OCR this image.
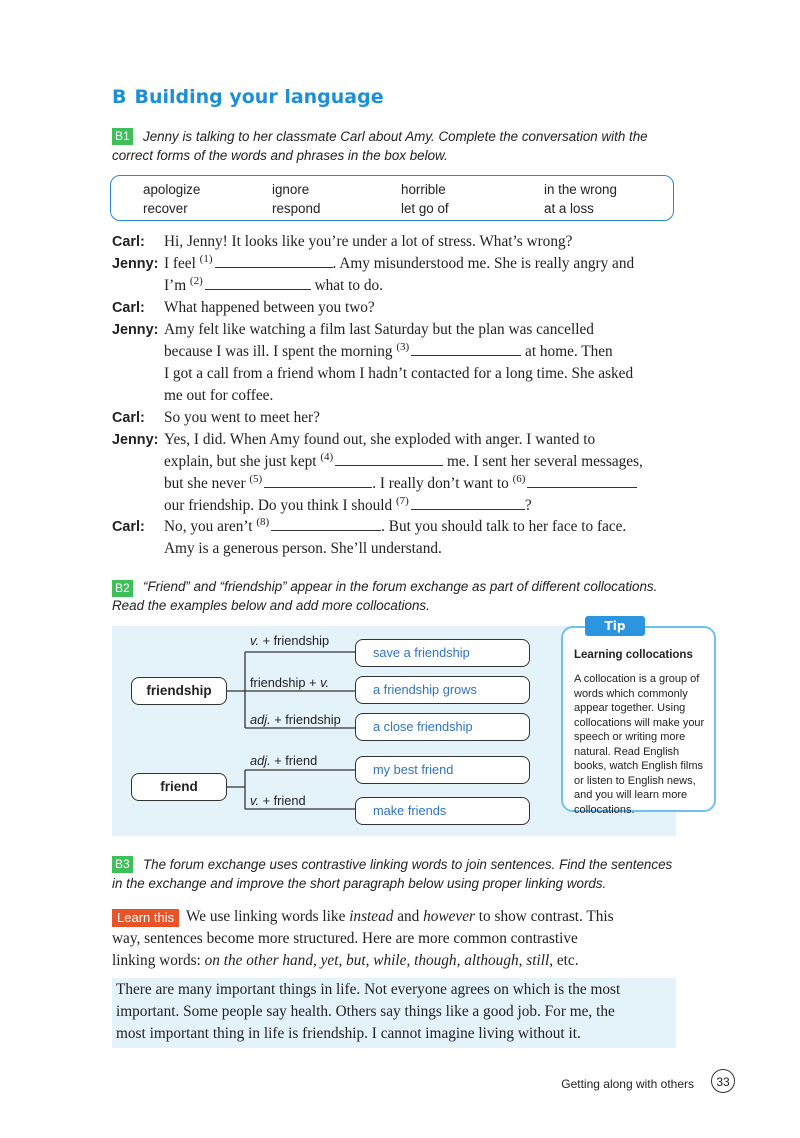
B Building your language
B1 Jenny is talking to her classmate Carl about Amy. Complete the conversation with the
correct forms of the words and phrases in the box below.
apologize	ignore	horrible	in the wrong
recover	respond	let go of	at a loss
Carl: Hi, Jenny! It looks like you’re under a lot of stress. What’s wrong?
Jenny: I feel $^{(1)}$	. Amy misunderstood me. She is really angry and
I’m $^{(2)}$	what to do.
Carl: What happened between you two?
Jenny: Amy felt like watching a film last Saturday but the plan was cancelled
because I was ill. I spent the morning $^{(3)}$	at home. Then
I got a call from a friend whom I hadn’t contacted for a long time. She asked
me out for coffee.
Carl: So you went to meet her?
Jenny: Yes, I did. When Amy found out, she exploded with anger. I wanted to
explain, but she just kept $^{(4)}$	me. I sent her several messages,
but she never $^{(5)}$	. I really don’t want to $^{(6)}$
our friendship. Do you think I should $^{(7)}$	?
Carl: No, you aren’t $^{(8)}$	. But you should talk to her face to face.
Amy is a generous person. She’ll understand.
B2 “Friend” and “friendship” appear in the forum exchange as part of different collocations.
Read the examples below and add more collocations.
friendship
friend
v. + friendship
friendship + v.
adj. + friendship
adj. + friend
v. + friend
save a friendship
a friendship grows
a close friendship
my best friend
make friends
Tip
Learning collocations
A collocation is a group of words which commonly appear together. Using collocations will make your speech or writing more natural. Read English books, watch English films or listen to English news, and you will learn more collocations.
B3 The forum exchange uses contrastive linking words to join sentences. Find the sentences
in the exchange and improve the short paragraph below using proper linking words.
Learn this We use linking words like instead and however to show contrast. This
way, sentences become more structured. Here are more common contrastive
linking words: on the other hand, yet, but, while, though, although, still, etc.
There are many important things in life. Not everyone agrees on which is the most
important. Some people say health. Others say things like a good job. For me, the
most important thing in life is friendship. I cannot imagine living without it.
Getting along with others	33
